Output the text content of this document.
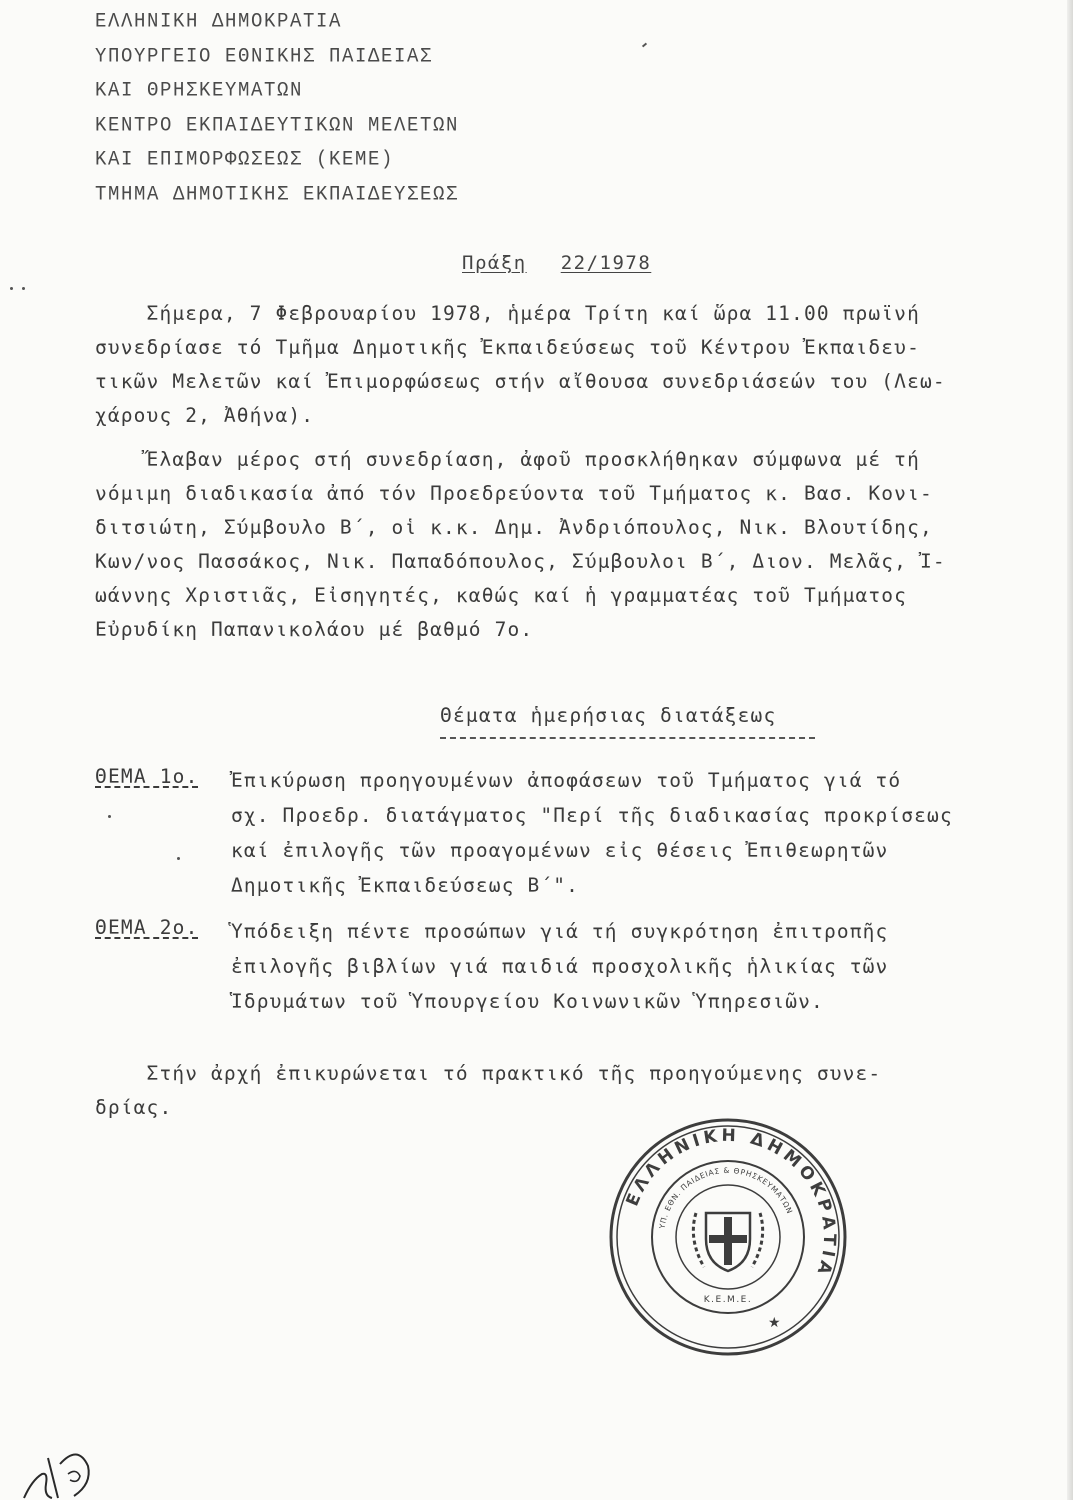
ΕΛΛΗΝΙΚΗ ΔΗΜΟΚΡΑΤΙΑ
ΥΠΟΥΡΓΕΙΟ ΕΘΝΙΚΗΣ ΠΑΙΔΕΙΑΣ
ΚΑΙ ΘΡΗΣΚΕΥΜΑΤΩΝ
ΚΕΝΤΡΟ ΕΚΠΑΙΔΕΥΤΙΚΩΝ ΜΕΛΕΤΩΝ
ΚΑΙ ΕΠΙΜΟΡΦΩΣΕΩΣ (ΚΕΜΕ)
ΤΜΗΜΑ ΔΗΜΟΤΙΚΗΣ ΕΚΠΑΙΔΕΥΣΕΩΣ
Πράξη 22/1978
Σήμερα, 7 Φεβρουαρίου 1978, ἡμέρα Τρίτη καί ὥρα 11.00 πρωϊνή
συνεδρίασε τό Τμῆμα Δημοτικῆς Ἐκπαιδεύσεως τοῦ Κέντρου Ἐκπαιδευ-
τικῶν Μελετῶν καί Ἐπιμορφώσεως στήν αἴθουσα συνεδριάσεών του (Λεω-
χάρους 2, Ἀθήνα).
Ἔλαβαν μέρος στή συνεδρίαση, ἀφοῦ προσκλήθηκαν σύμφωνα μέ τή
νόμιμη διαδικασία ἀπό τόν Προεδρεύοντα τοῦ Τμήματος κ. Βασ. Κονι-
διτσιώτη, Σύμβουλο Β΄, οἱ κ.κ. Δημ. Ἀνδριόπουλος, Νικ. Βλουτίδης,
Κων/νος Πασσάκος, Νικ. Παπαδόπουλος, Σύμβουλοι Β΄, Διον. Μελᾶς, Ἰ-
ωάννης Χριστιᾶς, Εἰσηγητές, καθώς καί ἡ γραμματέας τοῦ Τμήματος
Εὐρυδίκη Παπανικολάου μέ βαθμό 7ο.
Θέματα ἡμερήσιας διατάξεως
ΘΕΜΑ 1ο. Ἐπικύρωση προηγουμένων ἀποφάσεων τοῦ Τμήματος γιά τό
σχ. Προεδρ. διατάγματος "Περί τῆς διαδικασίας προκρίσεως
καί ἐπιλογῆς τῶν προαγομένων εἰς θέσεις Ἐπιθεωρητῶν
Δημοτικῆς Ἐκπαιδεύσεως Β΄".
ΘΕΜΑ 2ο. Ὑπόδειξη πέντε προσώπων γιά τή συγκρότηση ἐπιτροπῆς
ἐπιλογῆς βιβλίων γιά παιδιά προσχολικῆς ἡλικίας τῶν
Ἱδρυμάτων τοῦ Ὑπουργείου Κοινωνικῶν Ὑπηρεσιῶν.
Στήν ἀρχή ἐπικυρώνεται τό πρακτικό τῆς προηγούμενης συνε-
δρίας.
ΕΛΛΗΝΙΚΗ ΔΗΜΟΚΡΑΤΙΑ
ΥΠ. ΕΘΝ. ΠΑΙΔΕΙΑΣ & ΘΡΗΣΚΕΥΜΑΤΩΝ
Κ.Ε.Μ.Ε.
★
